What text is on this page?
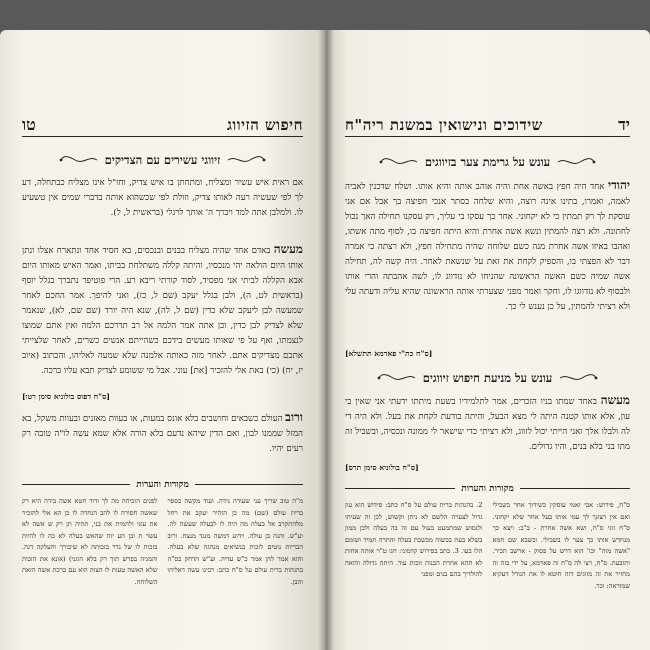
חיפוש הזיווג
טו
זיווגי עשירים עם הצדיקים
אם ראית איש עשיר ומצליח, ומתחתן בו איש צדיק, וחז"ל אינו מצליח כבתחלה, דע לך לפי שעשיה רעה לאותו צדיק, וזולת לפי שכשהוא אותה בדברי שמים אין טשעיע לו. ולמלבן אתה למד ויברך ה' אותך לרגלי (בראשית ל, ל).
מעשה באדם אחד שהיה מצליח בבנים ובנכסים, בא חסיד אחד ונתארח אצלו ונתן אותו היום הולאה יהי מנכסיו, והיתה קללה משתלחת בביתו, ואמר האיש מאותו היום אבא הקללה לביתי אני מפסיד, לסוד קורתי ריבא רע. הרי פוטיפר נתברך בגלל יוסף (בראשית לט, ה), ולבן בגלל יעקב (שם ל, כז), ואני להיפך. אמר החכם לאחר שמעשה לבן ליעקב שלא כדין (שם ל, לה), שנא היה יורד (שם שם, לא), שנאמר שלא לצדיק לבן כדין, וכן אתה אמר הלמה אל רב תדרכם הלמה ואין אתם שמוצו לנצמתו, ואף על פי שאותו מעשים בידכם כשהייתם אנשים כשרים, לאחר שלצייתי אתכם מצדיקים אתם. לאחר מזה כאותה אלמנה שלא שמעה לאליהו, והכתוב (איוב יז, יח) (כי) באת אלי להזכיר [את] עוני. אבל מי ששומע לצדיק תבא עליו ברכה.
[ס"ח דפוס בולוניא סימן רטו]
ורוב העולם כשבאים וחושבים בלא אונס במעות, או בעוות מאזנים ובעוות משקל, בא המזל שממנו לבון, ואם הדין שיהא נדעם בלא הורה אלא שמא עשה לו"ה טובה רק רעים יהיו.
מקורות והערות
מ"ה טוב שריך עני שעודה נידה. ועוד מקשה בספר ברית עולם (שם) מה כן הזהיר יעקב את רחל מלהתקרב אל בעלה מה היה לו לבעלה שעשה לה. וע"ש. והנה בן עולה. וידוע דמשה מנגד מנצח. ורוב הבריות נוטים לזכות בנשיאים מנהגה שלא בעלה. והוא אמר להן אמר כ"ש עדיה. וע"ש הדחק בס"ה בהגהות ברית עולם על ס"ח כתב: רבינו עשה דאליהו והבן.
לפנים הוכיחה מה לך ודוד חטא אשה בידה היא רק שאשה חסורה לו להב הנחדה לו כן הא אלי להזכיר את עוני ולהמית את בני, תהיה תן רק ש אשה לא עשר ת ובן הע יזה שהאש בעלה לא כה לו להיות בזכות לו של נדר בזכותה לא שיבורך והעלקה דגה. והמגיה בפרש תוך רק בלא הוגני) (אונא את הזכות שלא האשה טעות לו הצוה הוא עם ברכת אשה הזאת השלוחה.
יד
שידוכים ונישואין במשנת ריה"ח
עונש על גרימת צער בזיווגים
יהודי אחד היה חפץ באשה אחת והיה אוהב אותה והיא אותו. ושלח שדכנין לאביה לאמה, ואמרו, בתינו אינה רוצה, והיא שלחה בסתר אנכי חפיצה בך אבל אם אני עוסקת לך רק תמתין כי לא יקחוני. אחר כך עסקו בי עליך, רק עסקנו תחילה האך נכול לחתונה. ולא רצה להמתין ונשא אשה אחרת והיא היתה חפיצה בו, לסוף מתה אשתו, ואהבו באיזו אשה אחרת מנה כשם שלוחה שהיה מתחילה חפץ, ולא רצתה כי אמרה דבר לא הפצתי בו, והספיק לקחת את זאת על שנשאת לאחר. היה קשה לה, תחילה אשה שמיה כשם האשה הראשונה שהניחו לא נזדווג לו, לשה אהבתה והרי אותו ולבסוף לא נזדווגו לו, וחקר ואמר מפני שצערתי אותה הראשונה שהיא עליה ודעתה עלי ולא רציתי להמתין, על כן נענש לי כך.
[ס"ח כת"י פארמא תתשלא]
עונש על מניעת חיפוש זיווגים
מעשה באחד שמתו בניו הזכרים, אמר לתלמידיו בשעת מיתתו ידעתי אני שאין בי עון, אלא אותו קטנה היתה לי מצא הבעל, והיתה בודעת לקחת את בעל. ולא היה די לה ולבלו אלך ואני הייתי יכול לזווג, ולא רציתי כדי שישאר לי ממונה ונכסיה, ובשביל זה מתו בני בלא בנים, והיו גדולים.
[ס"ח בולוניא סימן תרס]
מקורות והערות
ס"ח, פירוש: אבי ואמי עוסקין כשידוך אחר בשבילי ואם אין רצונך לך עמי אותו בעל אחר שלא יקחוני. ס"ח זוגי ס"ח, ושא אשה אחרת - ב"ב: ויצא כך מנחדש אותו כך צער לו בשבילי. וכשבא שם חמא "אשה מזה" וכו' הוא דרש על פסוק - ארשב תכיר. ותובעת. ס"ח, רצי לה ס"ח זה פארמא, על ידי בזה זה מחזיר את זה מזוגים דזה חוטא לו את הגודל דעקיא שמוראה: וכר.
2. בהגהות ברית עולם על ס"ח כתב: סידוש הוא עון גדול לצערה הלשם לא ניתן וקשוש, לכן זה שעיתו ולנסוש שמתמעט בעול עם זה בה בעלה ולכן ממון בשלא בעת בכשוה מכשבת בעלה והתרה תמיד ושומם הלו בעו. 3. כתב בפירוש קדמוני: חגו ט"ר אותה אחות לא תהא אחרת הבנות זוכות עוד. היתה גדולה והואה להולדיך בהם בנים ומפני
